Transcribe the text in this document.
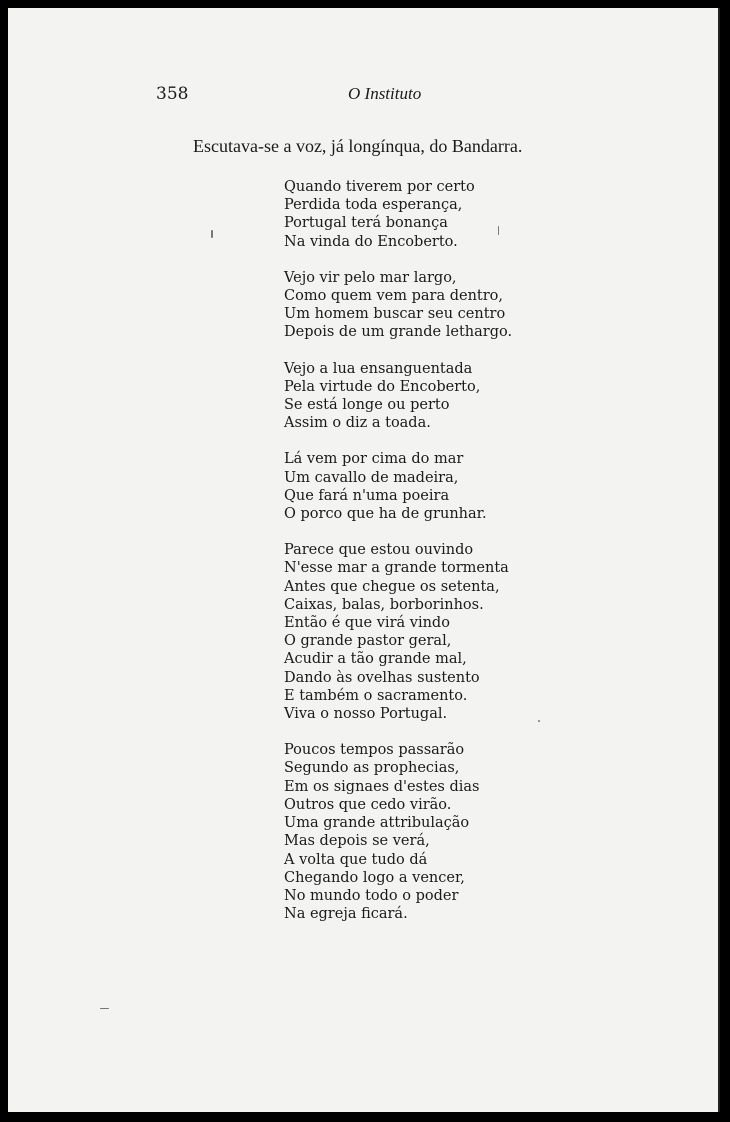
358	O Instituto
Escutava-se a voz, já longínqua, do Bandarra.
Quando tiverem por certo
Perdida toda esperança,
Portugal terá bonança
Na vinda do Encoberto.
Vejo vir pelo mar largo,
Como quem vem para dentro,
Um homem buscar seu centro
Depois de um grande lethargo.
Vejo a lua ensanguentada
Pela virtude do Encoberto,
Se está longe ou perto
Assim o diz a toada.
Lá vem por cima do mar
Um cavallo de madeira,
Que fará n'uma poeira
O porco que ha de grunhar.
Parece que estou ouvindo
N'esse mar a grande tormenta
Antes que chegue os setenta,
Caixas, balas, borborinhos.
Então é que virá vindo
O grande pastor geral,
Acudir a tão grande mal,
Dando às ovelhas sustento
E também o sacramento.
Viva o nosso Portugal.
Poucos tempos passarão
Segundo as prophecias,
Em os signaes d'estes dias
Outros que cedo virão.
Uma grande attribulação
Mas depois se verá,
A volta que tudo dá
Chegando logo a vencer,
No mundo todo o poder
Na egreja ficará.
